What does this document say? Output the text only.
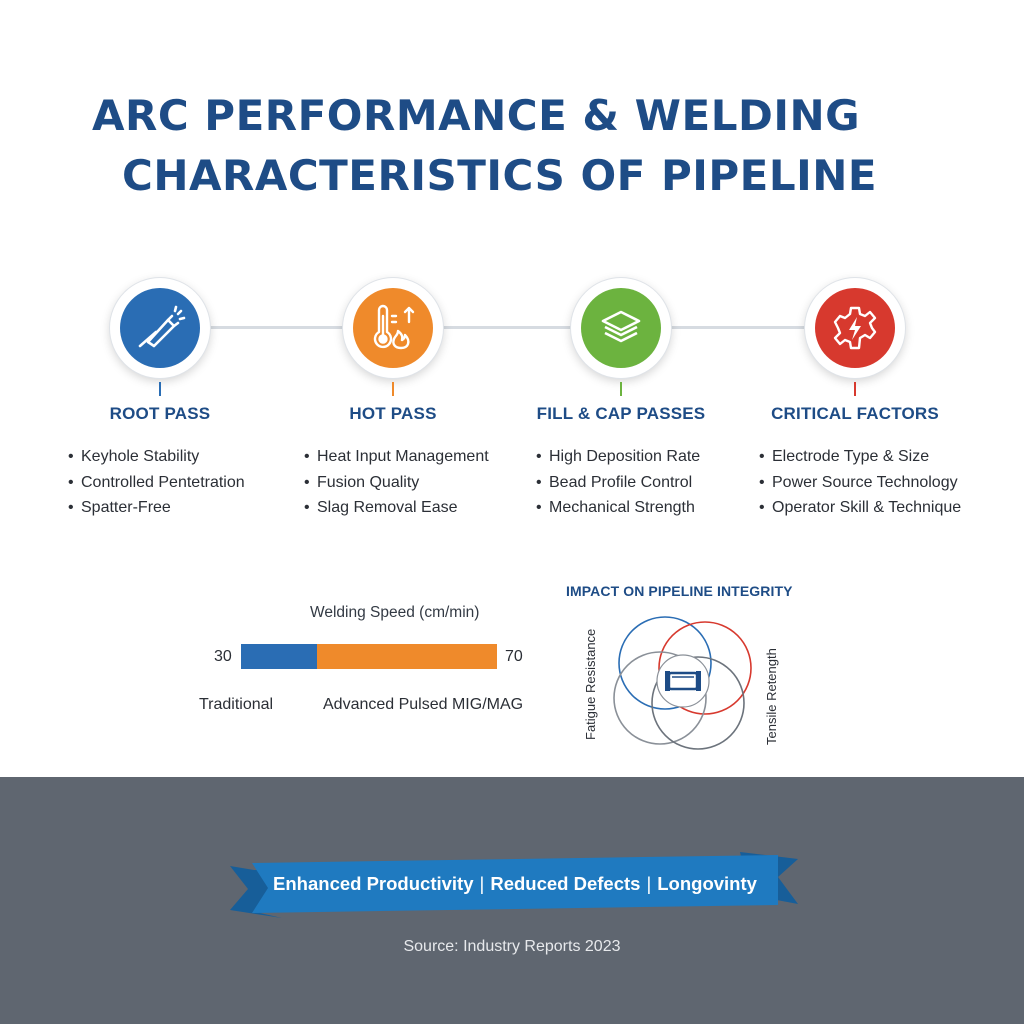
ARC PERFORMANCE & WELDING
CHARACTERISTICS OF PIPELINE
ROOT PASS
• Keyhole Stability
• Controlled Pentetration
• Spatter-Free
HOT PASS
• Heat Input Management
• Fusion Quality
• Slag Removal Ease
FILL & CAP PASSES
• High Deposition Rate
• Bead Profile Control
• Mechanical Strength
CRITICAL FACTORS
• Electrode Type & Size
• Power Source Technology
• Operator Skill & Technique
Welding Speed (cm/min)
30	70
Traditional	Advanced Pulsed MIG/MAG
IMPACT ON PIPELINE INTEGRITY
Fatigue Resistance	Tensile Retength
Enhanced Productivity | Reduced Defects | Longovinty
Source: Industry Reports 2023
